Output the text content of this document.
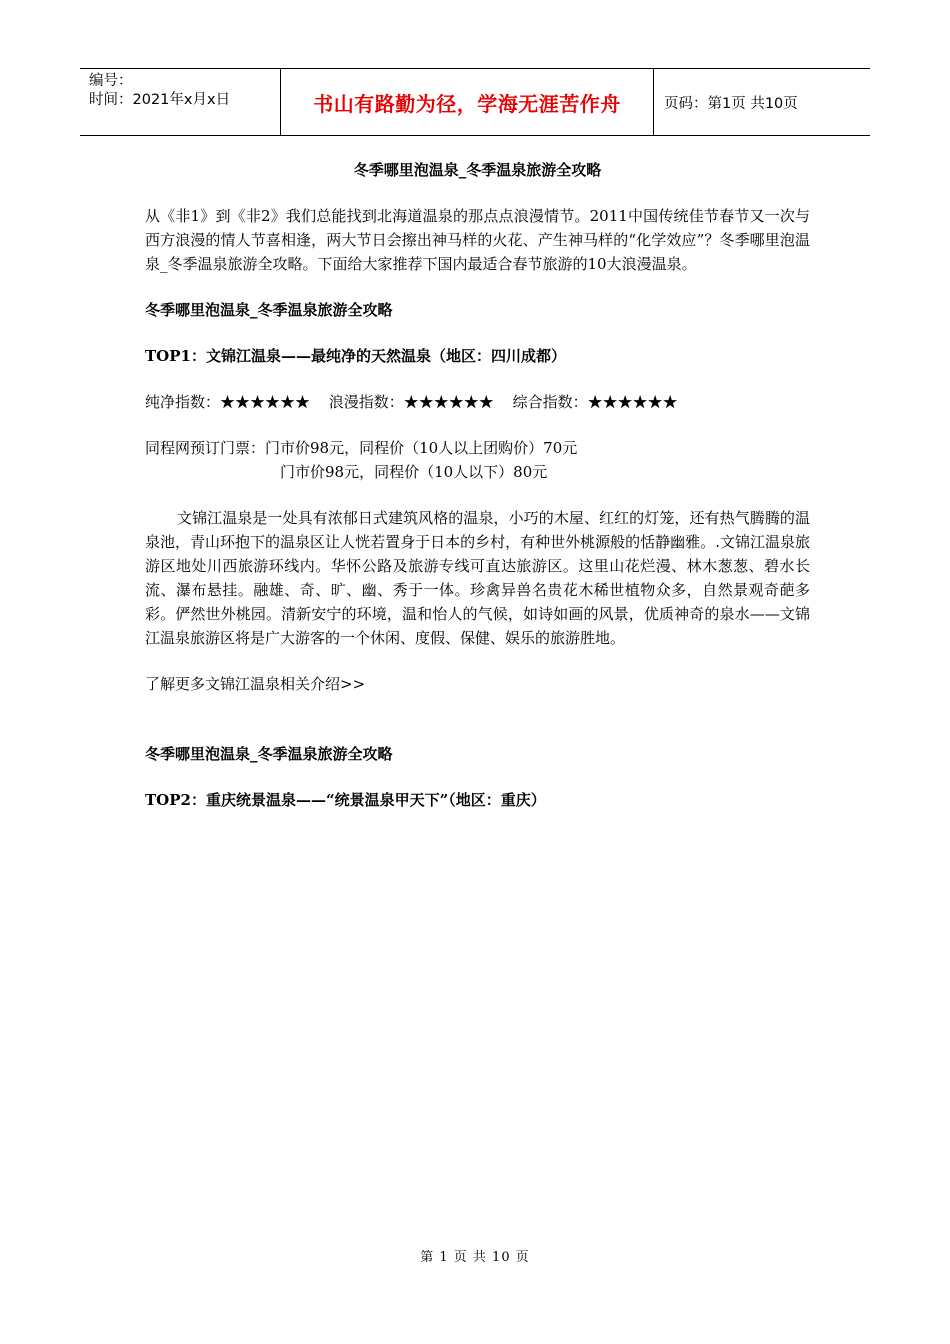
编号：
时间：2021年x月x日	书山有路勤为径，学海无涯苦作舟	页码：第1页 共10页
冬季哪里泡温泉_冬季温泉旅游全攻略

从《非1》到《非2》我们总能找到北海道温泉的那点点浪漫情节。2011中国传统佳节春节又一次与西方浪漫的情人节喜相逢，两大节日会擦出神马样的火花、产生神马样的“化学效应”？冬季哪里泡温泉_冬季温泉旅游全攻略。下面给大家推荐下国内最适合春节旅游的10大浪漫温泉。

冬季哪里泡温泉_冬季温泉旅游全攻略

TOP1：文锦江温泉——最纯净的天然温泉（地区：四川成都）

纯净指数：★★★★★★ 浪漫指数：★★★★★★ 综合指数：★★★★★★

同程网预订门票：门市价98元，同程价（10人以上团购价）70元
门市价98元，同程价（10人以下）80元

文锦江温泉是一处具有浓郁日式建筑风格的温泉，小巧的木屋、红红的灯笼，还有热气腾腾的温泉池，青山环抱下的温泉区让人恍若置身于日本的乡村，有种世外桃源般的恬静幽雅。.文锦江温泉旅游区地处川西旅游环线内。华怀公路及旅游专线可直达旅游区。这里山花烂漫、林木葱葱、碧水长流、瀑布悬挂。融雄、奇、旷、幽、秀于一体。珍禽异兽名贵花木稀世植物众多，自然景观奇葩多彩。俨然世外桃园。清新安宁的环境，温和怡人的气候，如诗如画的风景，优质神奇的泉水——文锦江温泉旅游区将是广大游客的一个休闲、度假、保健、娱乐的旅游胜地。

了解更多文锦江温泉相关介绍>>

冬季哪里泡温泉_冬季温泉旅游全攻略

TOP2：重庆统景温泉——“统景温泉甲天下”（地区：重庆）

第 1 页 共 10 页
